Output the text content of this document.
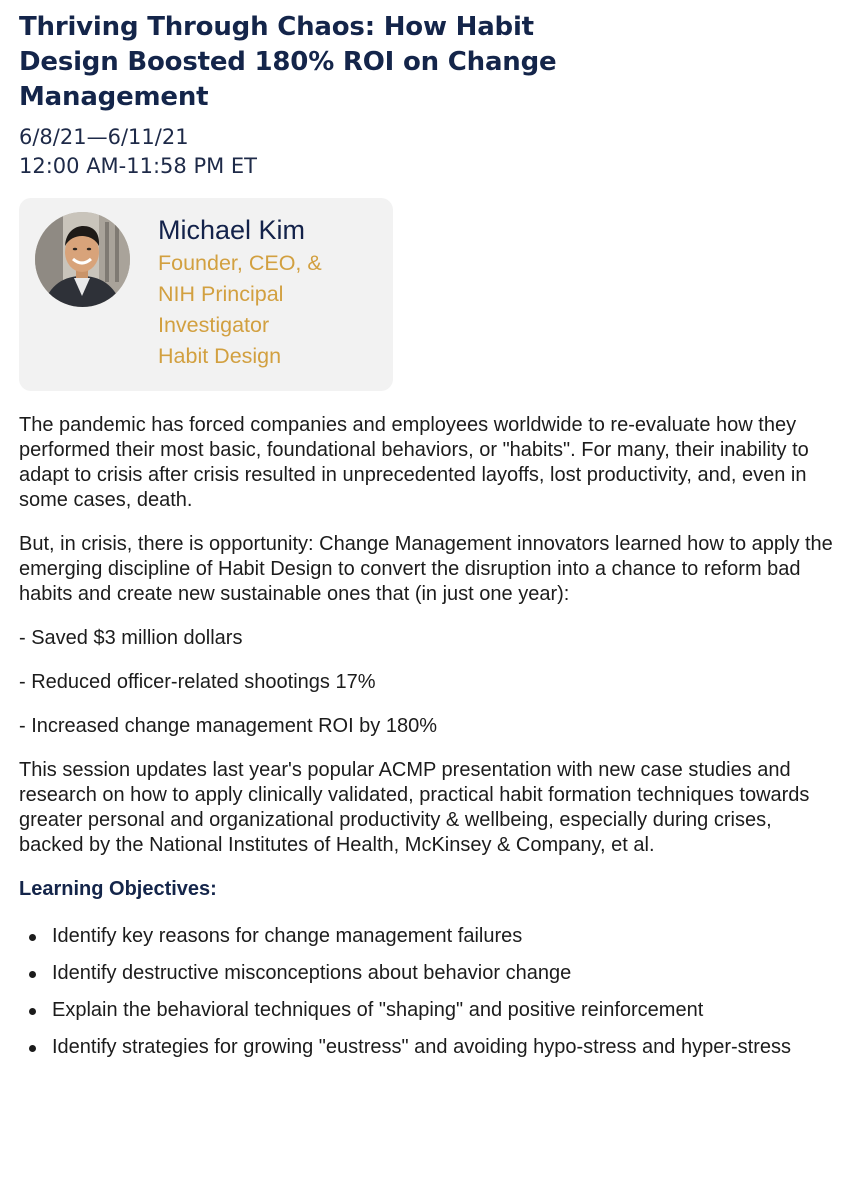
Thriving Through Chaos: How Habit Design Boosted 180% ROI on Change Management
6/8/21—6/11/21
12:00 AM-11:58 PM ET
Michael Kim
Founder, CEO, &
NIH Principal
Investigator
Habit Design

The pandemic has forced companies and employees worldwide to re-evaluate how they performed their most basic, foundational behaviors, or "habits". For many, their inability to adapt to crisis after crisis resulted in unprecedented layoffs, lost productivity, and, even in some cases, death.

But, in crisis, there is opportunity: Change Management innovators learned how to apply the emerging discipline of Habit Design to convert the disruption into a chance to reform bad habits and create new sustainable ones that (in just one year):

- Saved $3 million dollars

- Reduced officer-related shootings 17%

- Increased change management ROI by 180%

This session updates last year's popular ACMP presentation with new case studies and research on how to apply clinically validated, practical habit formation techniques towards greater personal and organizational productivity & wellbeing, especially during crises, backed by the National Institutes of Health, McKinsey & Company, et al.

Learning Objectives:
Identify key reasons for change management failures
Identify destructive misconceptions about behavior change
Explain the behavioral techniques of "shaping" and positive reinforcement
Identify strategies for growing "eustress" and avoiding hypo-stress and hyper-stress
